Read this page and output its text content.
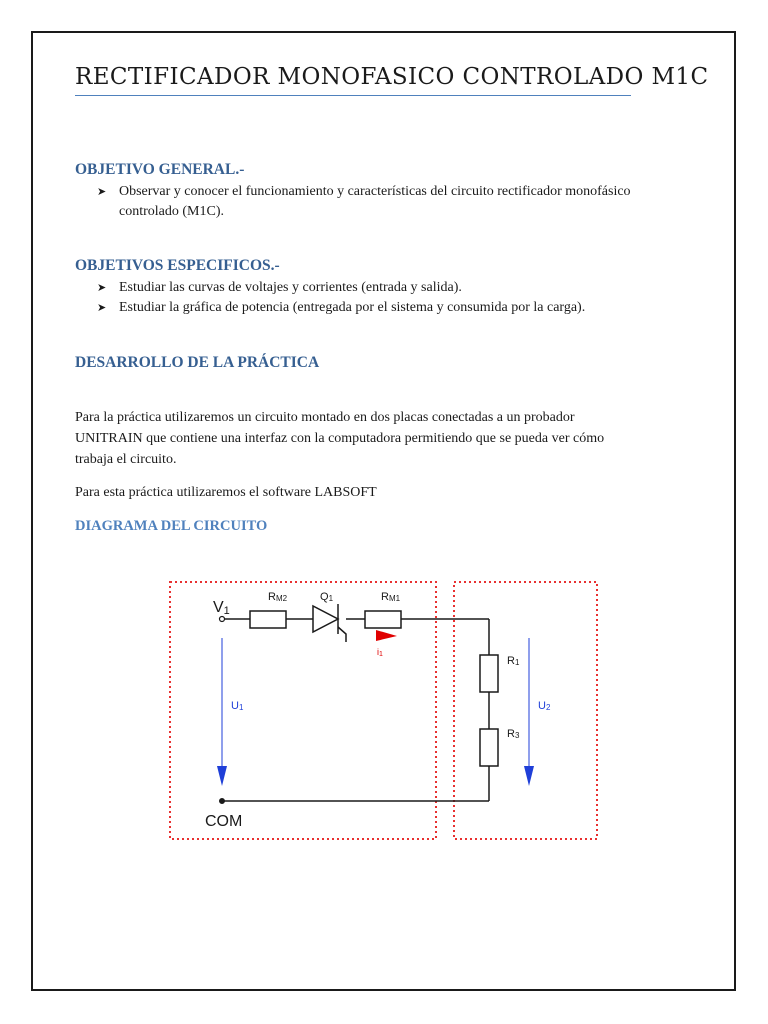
RECTIFICADOR MONOFASICO CONTROLADO M1C
OBJETIVO GENERAL.-
➤ Observar y conocer el funcionamiento y características del circuito rectificador monofásico controlado (M1C).
OBJETIVOS ESPECIFICOS.-
➤ Estudiar las curvas de voltajes y corrientes (entrada y salida).
➤ Estudiar la gráfica de potencia (entregada por el sistema y consumida por la carga).
DESARROLLO DE LA PRÁCTICA

Para la práctica utilizaremos un circuito montado en dos placas conectadas a un probador UNITRAIN que contiene una interfaz con la computadora permitiendo que se pueda ver cómo trabaja el circuito.

Para esta práctica utilizaremos el software LABSOFT

DIAGRAMA DEL CIRCUITO
V1
RM2	Q1	RM1
i1
U1
R1
R3
U2
COM
